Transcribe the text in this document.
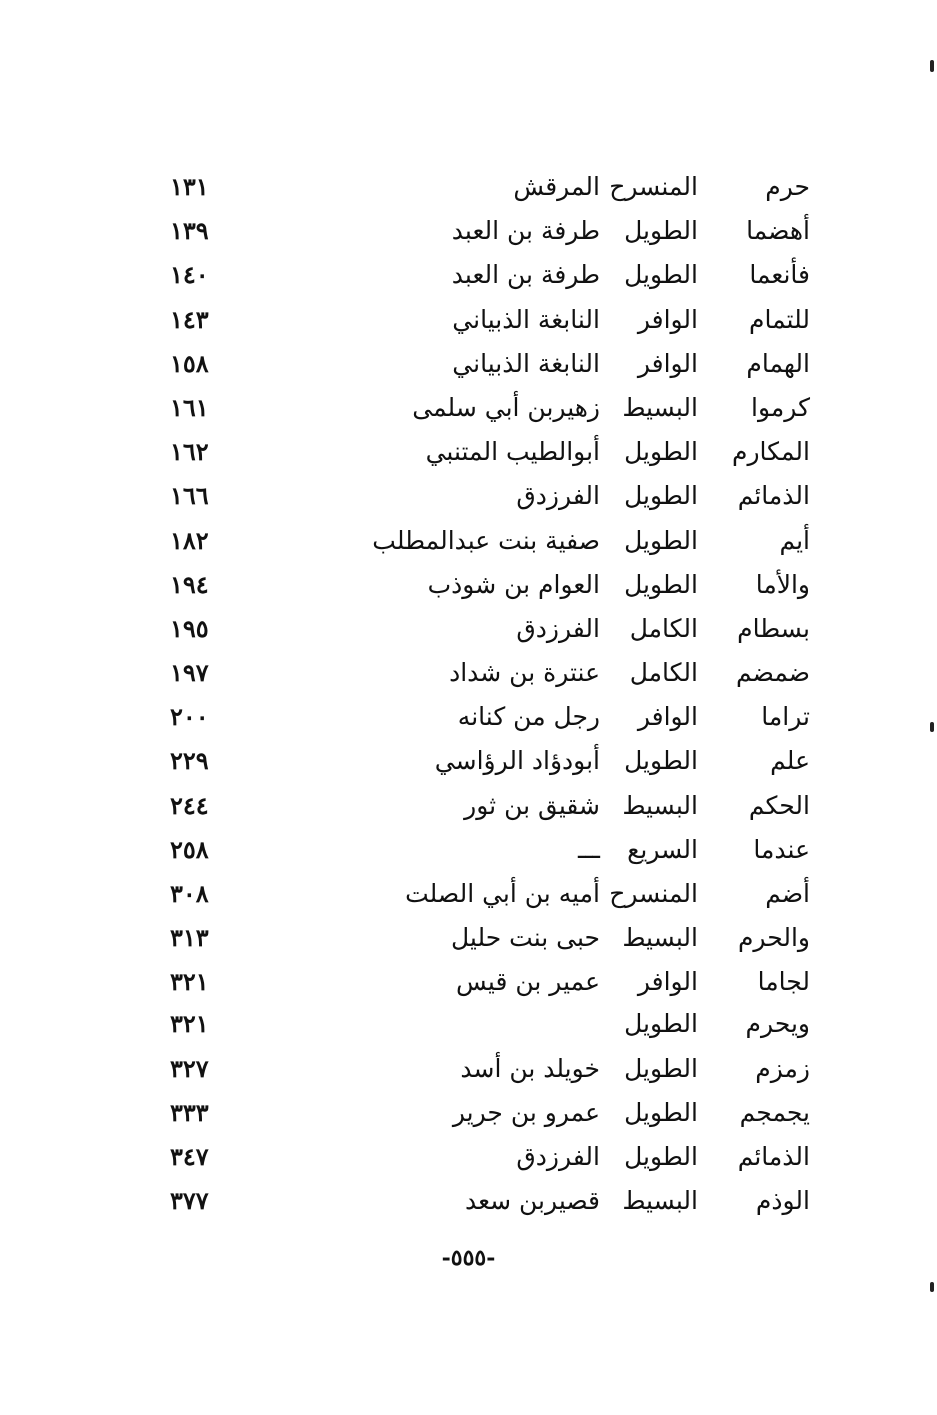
حرم
المنسرح
المرقش
١٣١
أهضما
الطويل
طرفة بن العبد
١٣٩
فأنعما
الطويل
طرفة بن العبد
١٤٠
للتمام
الوافر
النابغة الذبياني
١٤٣
الهمام
الوافر
النابغة الذبياني
١٥٨
كرموا
البسيط
زهيربن أبي سلمى
١٦١
المكارم
الطويل
أبوالطيب المتنبي
١٦٢
الذمائم
الطويل
الفرزدق
١٦٦
أيم
الطويل
صفية بنت عبدالمطلب
١٨٢
والأما
الطويل
العوام بن شوذب
١٩٤
بسطام
الكامل
الفرزدق
١٩٥
ضمضم
الكامل
عنترة بن شداد
١٩٧
تراما
الوافر
رجل من كنانه
٢٠٠
علم
الطويل
أبودؤاد الرؤاسي
٢٢٩
الحكم
البسيط
شقيق بن ثور
٢٤٤
عندما
السريع
ـــ
٢٥٨
أضم
المنسرح
أميه بن أبي الصلت
٣٠٨
والحرم
البسيط
حبى بنت حليل
٣١٣
لجاما
الوافر
عمير بن قيس
٣٢١
ويحرم
الطويل
٣٢١
زمزم
الطويل
خويلد بن أسد
٣٢٧
يجمجم
الطويل
عمرو بن جرير
٣٣٣
الذمائم
الطويل
الفرزدق
٣٤٧
الوذم
البسيط
قصيربن سعد
٣٧٧
-٥٥٥-
